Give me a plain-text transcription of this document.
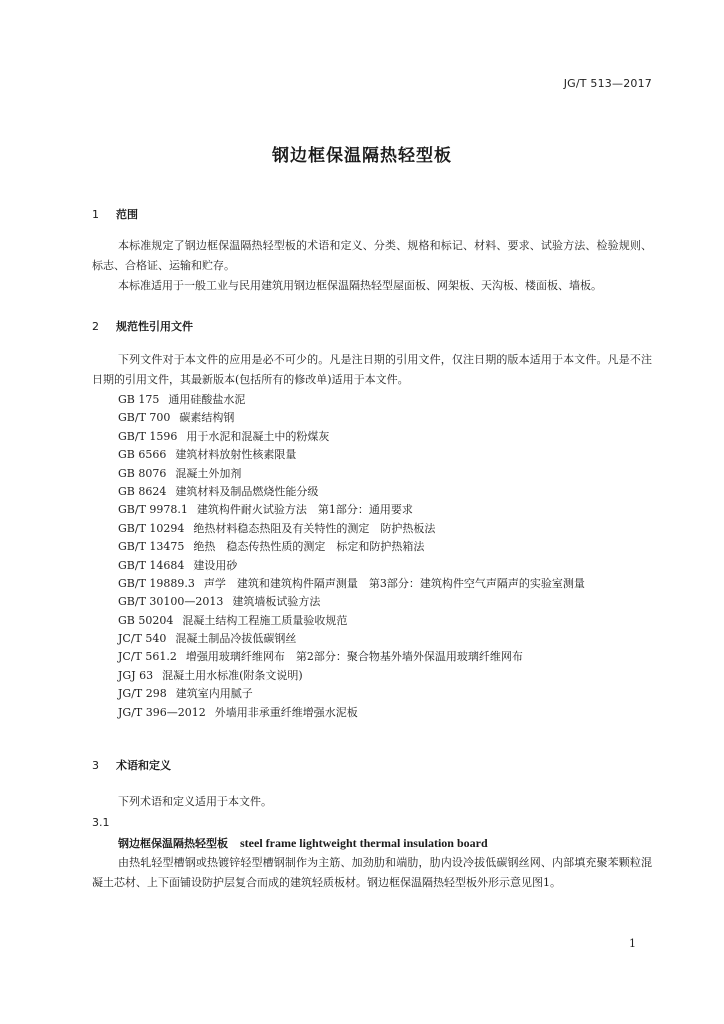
JG/T 513—2017
钢边框保温隔热轻型板
1 范围
本标准规定了钢边框保温隔热轻型板的术语和定义、分类、规格和标记、材料、要求、试验方法、检验规则、标志、合格证、运输和贮存。
本标准适用于一般工业与民用建筑用钢边框保温隔热轻型屋面板、网架板、天沟板、楼面板、墙板。
2 规范性引用文件
下列文件对于本文件的应用是必不可少的。凡是注日期的引用文件，仅注日期的版本适用于本文件。凡是不注日期的引用文件，其最新版本(包括所有的修改单)适用于本文件。
GB 175 通用硅酸盐水泥
GB/T 700 碳素结构钢
GB/T 1596 用于水泥和混凝土中的粉煤灰
GB 6566 建筑材料放射性核素限量
GB 8076 混凝土外加剂
GB 8624 建筑材料及制品燃烧性能分级
GB/T 9978.1 建筑构件耐火试验方法　第1部分：通用要求
GB/T 10294 绝热材料稳态热阻及有关特性的测定　防护热板法
GB/T 13475 绝热　稳态传热性质的测定　标定和防护热箱法
GB/T 14684 建设用砂
GB/T 19889.3 声学　建筑和建筑构件隔声测量　第3部分：建筑构件空气声隔声的实验室测量
GB/T 30100—2013 建筑墙板试验方法
GB 50204 混凝土结构工程施工质量验收规范
JC/T 540 混凝土制品冷拔低碳钢丝
JC/T 561.2 增强用玻璃纤维网布　第2部分：聚合物基外墙外保温用玻璃纤维网布
JGJ 63 混凝土用水标准(附条文说明)
JG/T 298 建筑室内用腻子
JG/T 396—2012 外墙用非承重纤维增强水泥板
3 术语和定义
下列术语和定义适用于本文件。
3.1
钢边框保温隔热轻型板 steel frame lightweight thermal insulation board
由热轧轻型槽钢或热镀锌轻型槽钢制作为主筋、加劲肋和端肋，肋内设冷拔低碳钢丝网、内部填充聚苯颗粒混凝土芯材、上下面铺设防护层复合而成的建筑轻质板材。钢边框保温隔热轻型板外形示意见图1。
1
